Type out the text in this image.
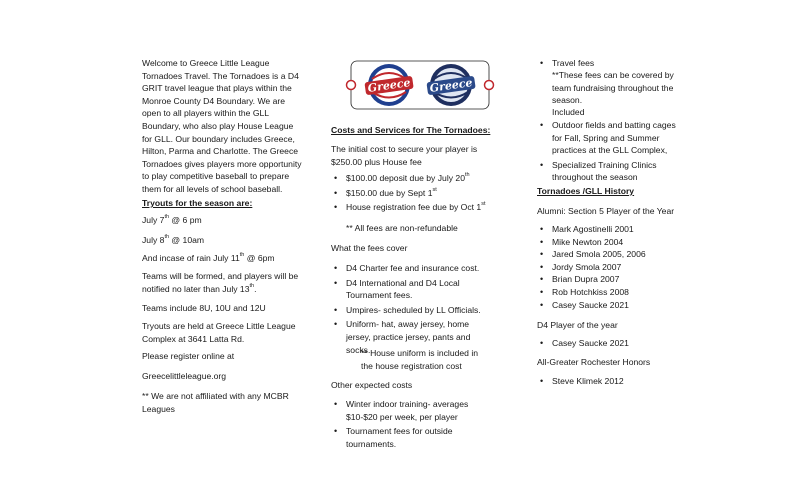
Welcome to Greece Little League Tornadoes Travel. The Tornadoes is a D4 GRIT travel league that plays within the Monroe County D4 Boundary. We are open to all players within the GLL Boundary, who also play House League for GLL. Our boundary includes Greece, Hilton, Parma and Charlotte. The Greece Tornadoes gives players more opportunity to play competitive baseball to prepare them for all levels of school baseball.

Tryouts for the season are:

July 7th @ 6 pm

July 8th @ 10am

And incase of rain July 11th @ 6pm

Teams will be formed, and players will be notified no later than July 13th.

Teams include 8U, 10U and 12U

Tryouts are held at Greece Little League Complex at 3641 Latta Rd.

Please register online at

Greecelittleleague.org

** We are not affiliated with any MCBR Leagues

Greece Greece

Costs and Services for The Tornadoes:

The initial cost to secure your player is $250.00 plus House fee

• $100.00 deposit due by July 20th
• $150.00 due by Sept 1st
• House registration fee due by Oct 1st

** All fees are non-refundable

What the fees cover

• D4 Charter fee and insurance cost.
• D4 International and D4 Local Tournament fees.
• Umpires- scheduled by LL Officials.
• Uniform- hat, away jersey, home jersey, practice jersey, pants and socks.

** House uniform is included in the house registration cost

Other expected costs

• Winter indoor training- averages $10-$20 per week, per player
• Tournament fees for outside tournaments.
• Travel fees

**These fees can be covered by team fundraising throughout the season.

Included

• Outdoor fields and batting cages for Fall, Spring and Summer practices at the GLL Complex,
• Specialized Training Clinics throughout the season

Tornadoes /GLL History

Alumni: Section 5 Player of the Year

• Mark Agostinelli 2001
• Mike Newton 2004
• Jared Smola 2005, 2006
• Jordy Smola 2007
• Brian Dupra 2007
• Rob Hotchkiss 2008
• Casey Saucke 2021

D4 Player of the year

• Casey Saucke 2021

All-Greater Rochester Honors

• Steve Klimek 2012
